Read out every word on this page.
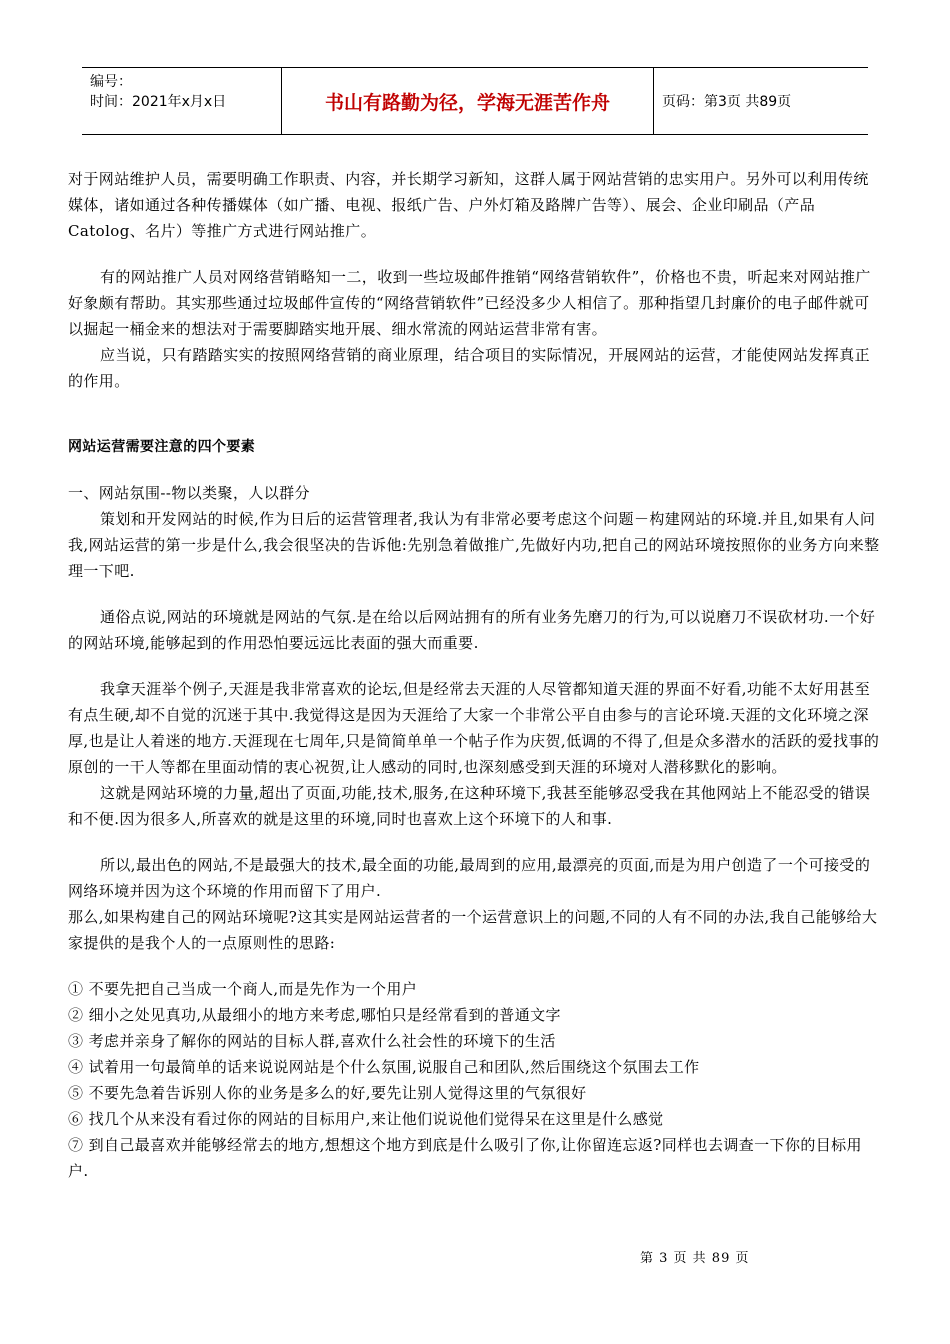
编号：
时间：2021年x月x日	书山有路勤为径，学海无涯苦作舟	页码：第3页 共89页

对于网站维护人员，需要明确工作职责、内容，并长期学习新知，这群人属于网站营销的忠实用户。另外可以利用传统媒体，诸如通过各种传播媒体（如广播、电视、报纸广告、户外灯箱及路牌广告等）、展会、企业印刷品（产品Catolog、名片）等推广方式进行网站推广。

有的网站推广人员对网络营销略知一二，收到一些垃圾邮件推销“网络营销软件”，价格也不贵，听起来对网站推广好象颇有帮助。其实那些通过垃圾邮件宣传的“网络营销软件”已经没多少人相信了。那种指望几封廉价的电子邮件就可以掘起一桶金来的想法对于需要脚踏实地开展、细水常流的网站运营非常有害。

应当说，只有踏踏实实的按照网络营销的商业原理，结合项目的实际情况，开展网站的运营，才能使网站发挥真正的作用。

网站运营需要注意的四个要素

一、网站氛围--物以类聚，人以群分

策划和开发网站的时候,作为日后的运营管理者,我认为有非常必要考虑这个问题－构建网站的环境.并且,如果有人问我,网站运营的第一步是什么,我会很坚决的告诉他:先别急着做推广,先做好内功,把自己的网站环境按照你的业务方向来整理一下吧.

通俗点说,网站的环境就是网站的气氛.是在给以后网站拥有的所有业务先磨刀的行为,可以说磨刀不误砍材功.一个好的网站环境,能够起到的作用恐怕要远远比表面的强大而重要.

我拿天涯举个例子,天涯是我非常喜欢的论坛,但是经常去天涯的人尽管都知道天涯的界面不好看,功能不太好用甚至有点生硬,却不自觉的沉迷于其中.我觉得这是因为天涯给了大家一个非常公平自由参与的言论环境.天涯的文化环境之深厚,也是让人着迷的地方.天涯现在七周年,只是简简单单一个帖子作为庆贺,低调的不得了,但是众多潜水的活跃的爱找事的原创的一干人等都在里面动情的衷心祝贺,让人感动的同时,也深刻感受到天涯的环境对人潜移默化的影响。

这就是网站环境的力量,超出了页面,功能,技术,服务,在这种环境下,我甚至能够忍受我在其他网站上不能忍受的错误和不便.因为很多人,所喜欢的就是这里的环境,同时也喜欢上这个环境下的人和事.

所以,最出色的网站,不是最强大的技术,最全面的功能,最周到的应用,最漂亮的页面,而是为用户创造了一个可接受的网络环境并因为这个环境的作用而留下了用户.

那么,如果构建自己的网站环境呢?这其实是网站运营者的一个运营意识上的问题,不同的人有不同的办法,我自己能够给大家提供的是我个人的一点原则性的思路:

① 不要先把自己当成一个商人,而是先作为一个用户

② 细小之处见真功,从最细小的地方来考虑,哪怕只是经常看到的普通文字

③ 考虑并亲身了解你的网站的目标人群,喜欢什么社会性的环境下的生活

④ 试着用一句最简单的话来说说网站是个什么氛围,说服自己和团队,然后围绕这个氛围去工作

⑤ 不要先急着告诉别人你的业务是多么的好,要先让别人觉得这里的气氛很好

⑥ 找几个从来没有看过你的网站的目标用户,来让他们说说他们觉得呆在这里是什么感觉

⑦ 到自己最喜欢并能够经常去的地方,想想这个地方到底是什么吸引了你,让你留连忘返?同样也去调查一下你的目标用户.

第 3 页 共 89 页
